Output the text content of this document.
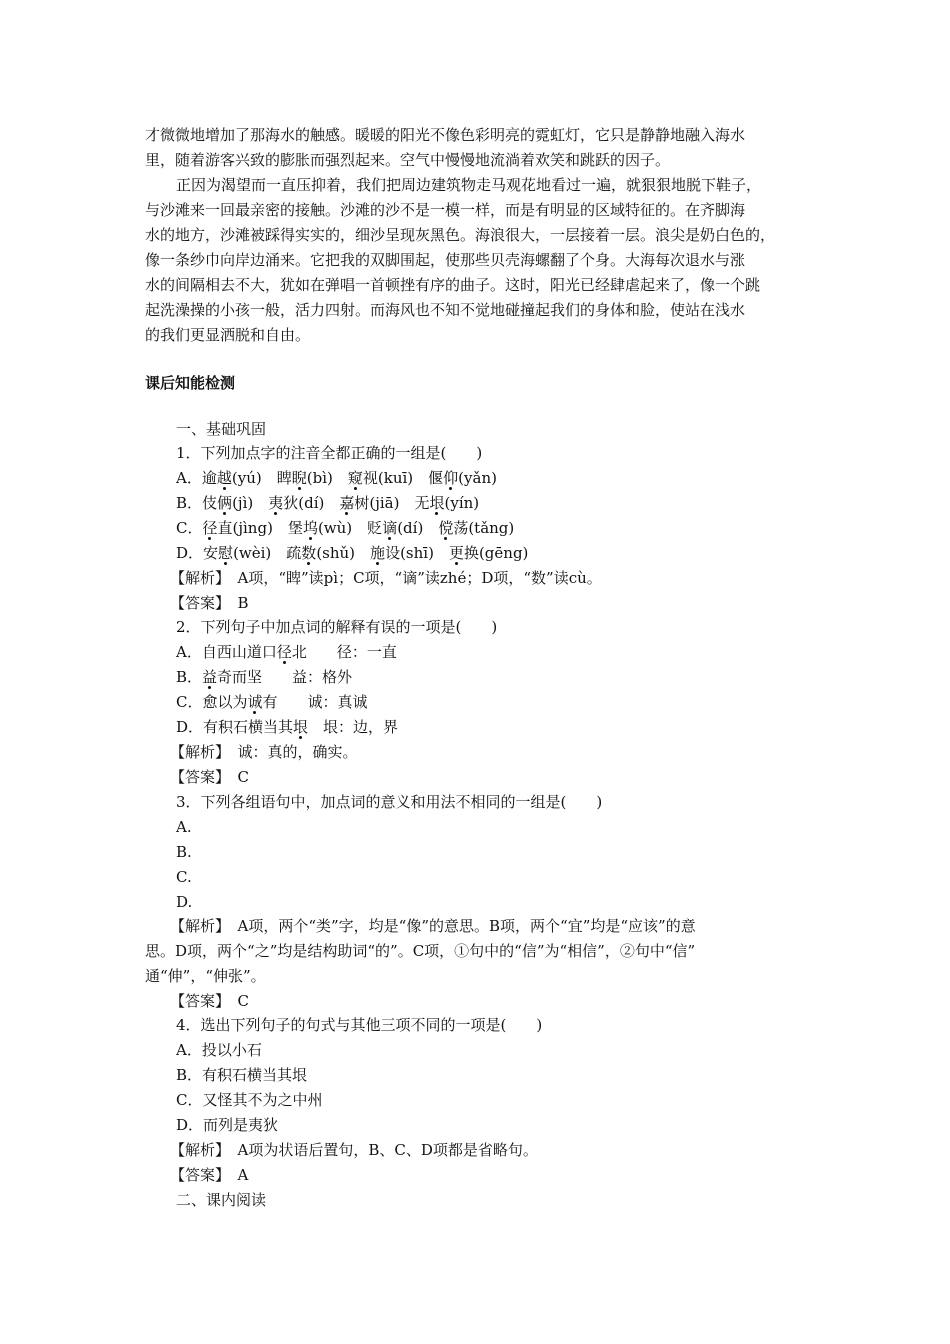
才微微地增加了那海水的触感。暖暖的阳光不像色彩明亮的霓虹灯，它只是静静地融入海水
里，随着游客兴致的膨胀而强烈起来。空气中慢慢地流淌着欢笑和跳跃的因子。
正因为渴望而一直压抑着，我们把周边建筑物走马观花地看过一遍，就狠狠地脱下鞋子，
与沙滩来一回最亲密的接触。沙滩的沙不是一模一样，而是有明显的区域特征的。在齐脚海
水的地方，沙滩被踩得实实的，细沙呈现灰黑色。海浪很大，一层接着一层。浪尖是奶白色的，
像一条纱巾向岸边涌来。它把我的双脚围起，使那些贝壳海螺翻了个身。大海每次退水与涨
水的间隔相去不大，犹如在弹唱一首顿挫有序的曲子。这时，阳光已经肆虐起来了，像一个跳
起洗澡操的小孩一般，活力四射。而海风也不知不觉地碰撞起我们的身体和脸，使站在浅水
的我们更显洒脱和自由。
课后知能检测
一、基础巩固
1．下列加点字的注音全都正确的一组是(　　)
A．逾越(yú)　睥睨(bì)　窥视(kuī)　偃仰(yǎn)
B．伎俩(jì)　夷狄(dí)　嘉树(jiā)　无垠(yín)
C．径直(jìng)　堡坞(wù)　贬谪(dí)　傥荡(tǎng)
D．安慰(wèi)　疏数(shǔ)　施设(shī)　更换(gēng)
【解析】　A项，“睥”读pì；C项，“谪”读zhé；D项，“数”读cù。
【答案】　B
2．下列句子中加点词的解释有误的一项是(　　)
A．自西山道口径北　　径：一直
B．益奇而坚　　益：格外
C．愈以为诚有　　诚：真诚
D．有积石横当其垠　垠：边，界
【解析】　诚：真的，确实。
【答案】　C
3．下列各组语句中，加点词的意义和用法不相同的一组是(　　)
A.
B.
C.
D.
【解析】　A项，两个“类”字，均是“像”的意思。B项，两个“宜”均是“应该”的意
思。D项，两个“之”均是结构助词“的”。C项，①句中的“信”为“相信”，②句中“信”
通“伸”，“伸张”。
【答案】　C
4．选出下列句子的句式与其他三项不同的一项是(　　)
A．投以小石
B．有积石横当其垠
C．又怪其不为之中州
D．而列是夷狄
【解析】　A项为状语后置句，B、C、D项都是省略句。
【答案】　A
二、课内阅读
